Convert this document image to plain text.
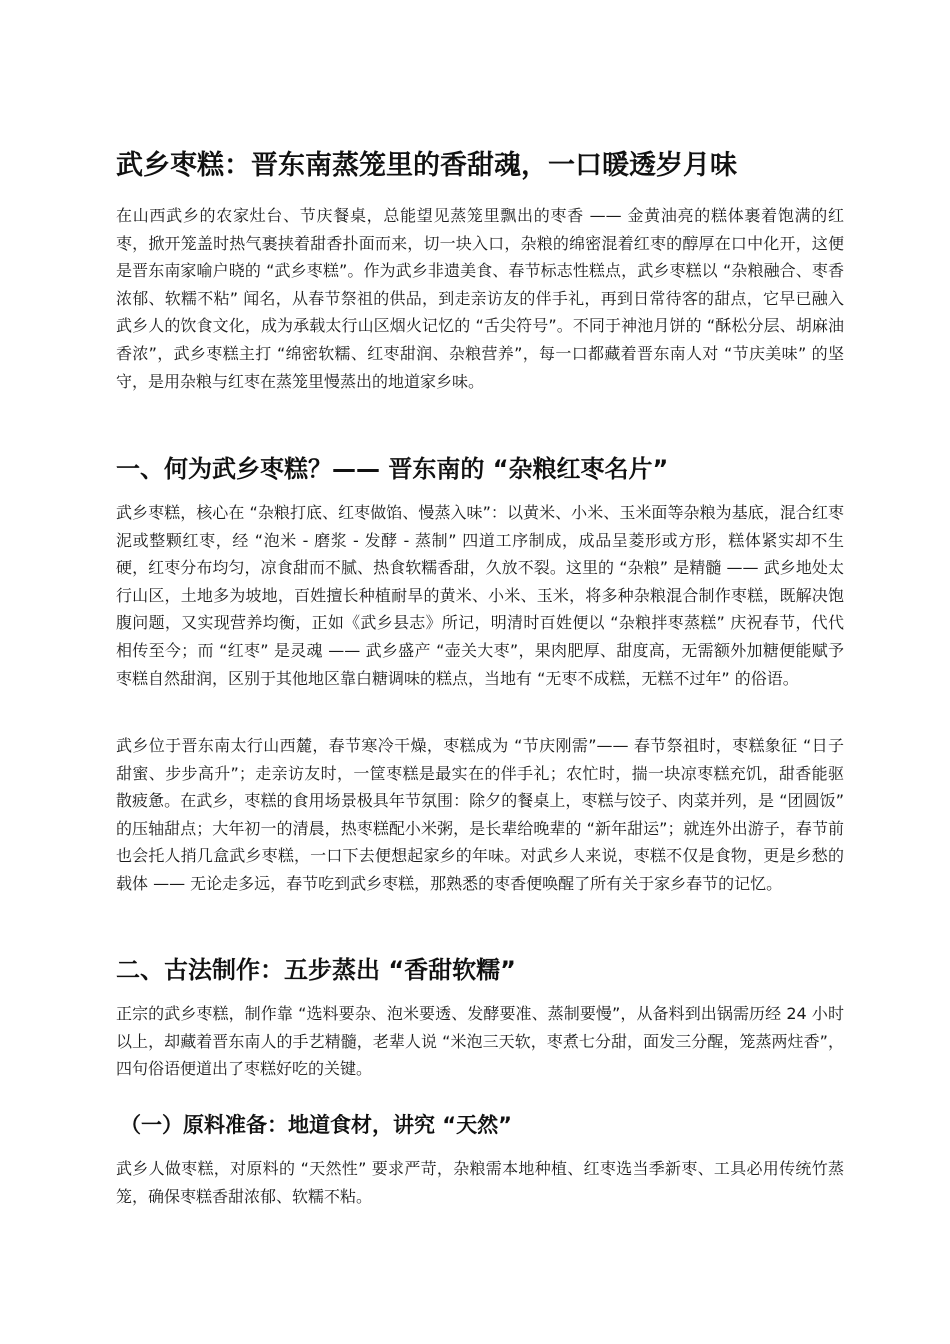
武乡枣糕：晋东南蒸笼里的香甜魂，一口暖透岁月味

在山西武乡的农家灶台、节庆餐桌，总能望见蒸笼里飘出的枣香 —— 金黄油亮的糕体裹着饱满的红枣，掀开笼盖时热气裹挟着甜香扑面而来，切一块入口，杂粮的绵密混着红枣的醇厚在口中化开，这便是晋东南家喻户晓的 “武乡枣糕”。作为武乡非遗美食、春节标志性糕点，武乡枣糕以 “杂粮融合、枣香浓郁、软糯不粘” 闻名，从春节祭祖的供品，到走亲访友的伴手礼，再到日常待客的甜点，它早已融入武乡人的饮食文化，成为承载太行山区烟火记忆的 “舌尖符号”。不同于神池月饼的 “酥松分层、胡麻油香浓”，武乡枣糕主打 “绵密软糯、红枣甜润、杂粮营养”，每一口都藏着晋东南人对 “节庆美味” 的坚守，是用杂粮与红枣在蒸笼里慢蒸出的地道家乡味。

一、何为武乡枣糕？—— 晋东南的 “杂粮红枣名片”

武乡枣糕，核心在 “杂粮打底、红枣做馅、慢蒸入味”：以黄米、小米、玉米面等杂粮为基底，混合红枣泥或整颗红枣，经 “泡米 - 磨浆 - 发酵 - 蒸制” 四道工序制成，成品呈菱形或方形，糕体紧实却不生硬，红枣分布均匀，凉食甜而不腻、热食软糯香甜，久放不裂。这里的 “杂粮” 是精髓 —— 武乡地处太行山区，土地多为坡地，百姓擅长种植耐旱的黄米、小米、玉米，将多种杂粮混合制作枣糕，既解决饱腹问题，又实现营养均衡，正如《武乡县志》所记，明清时百姓便以 “杂粮拌枣蒸糕” 庆祝春节，代代相传至今；而 “红枣” 是灵魂 —— 武乡盛产 “壶关大枣”，果肉肥厚、甜度高，无需额外加糖便能赋予枣糕自然甜润，区别于其他地区靠白糖调味的糕点，当地有 “无枣不成糕，无糕不过年” 的俗语。

武乡位于晋东南太行山西麓，春节寒冷干燥，枣糕成为 “节庆刚需”—— 春节祭祖时，枣糕象征 “日子甜蜜、步步高升”；走亲访友时，一筐枣糕是最实在的伴手礼；农忙时，揣一块凉枣糕充饥，甜香能驱散疲惫。在武乡，枣糕的食用场景极具年节氛围：除夕的餐桌上，枣糕与饺子、肉菜并列，是 “团圆饭” 的压轴甜点；大年初一的清晨，热枣糕配小米粥，是长辈给晚辈的 “新年甜运”；就连外出游子，春节前也会托人捎几盒武乡枣糕，一口下去便想起家乡的年味。对武乡人来说，枣糕不仅是食物，更是乡愁的载体 —— 无论走多远，春节吃到武乡枣糕，那熟悉的枣香便唤醒了所有关于家乡春节的记忆。

二、古法制作：五步蒸出 “香甜软糯”

正宗的武乡枣糕，制作靠 “选料要杂、泡米要透、发酵要准、蒸制要慢”，从备料到出锅需历经 24 小时以上，却藏着晋东南人的手艺精髓，老辈人说 “米泡三天软，枣煮七分甜，面发三分醒，笼蒸两炷香”，四句俗语便道出了枣糕好吃的关键。

（一）原料准备：地道食材，讲究 “天然”

武乡人做枣糕，对原料的 “天然性” 要求严苛，杂粮需本地种植、红枣选当季新枣、工具必用传统竹蒸笼，确保枣糕香甜浓郁、软糯不粘。
